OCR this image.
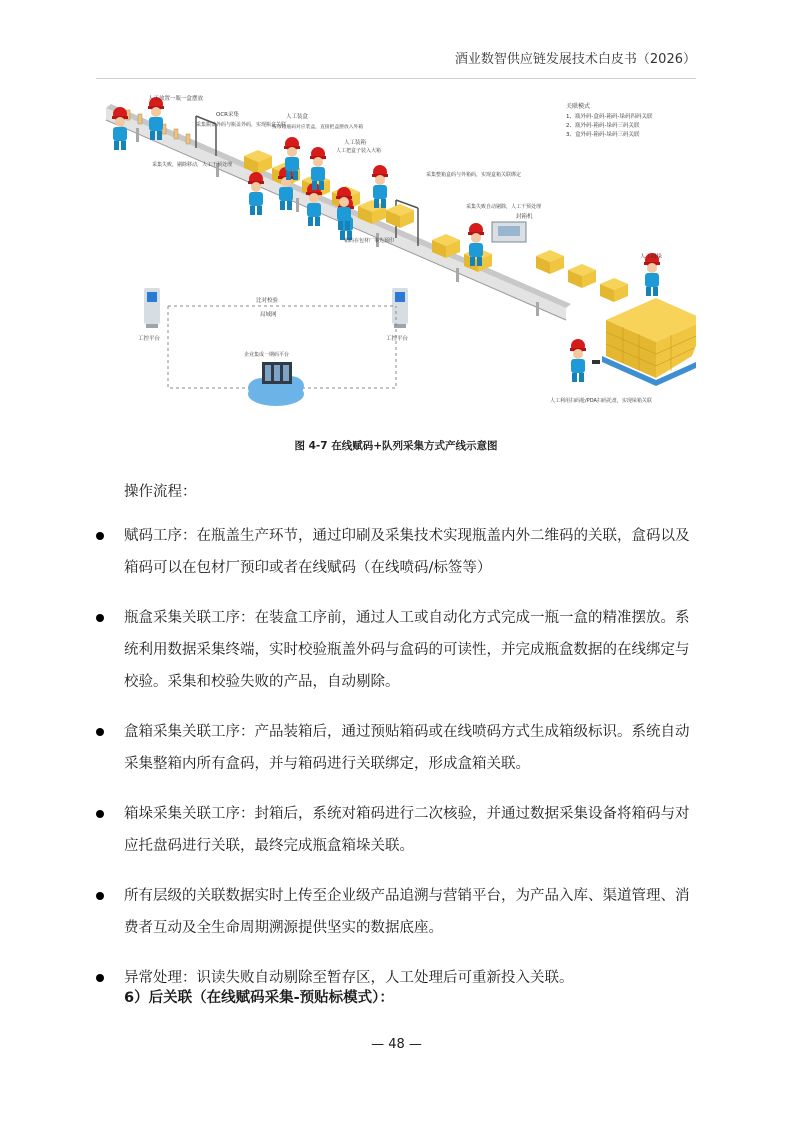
酒业数智供应链发展技术白皮书（2026）
人工放置一瓶一盒摆放
OCR采集
采集瓶盖外码与瓶盖外码，实现瓶盒关联
人工装盒
按每箱瓶码对应装盒，直接把盒摆放入外箱
采集失败，剔除移动，人工干预处理
人工装箱
人工把盒子装入大箱
采集整箱盒码与外箱码，实现盒箱关联绑定
箱码在包材厂事先预印
采集失败自动剔除，人工干预处理
封箱机
人工码垛
人工利用扫码枪/PDA扫码托盘，实现垛箱关联
工控平台	工控平台
比对校验
局域网
企业集成一期码平台
关联模式
1、瓶外码-盒码-箱码-垛码四码关联
2、瓶外码-箱码-垛码三码关联
3、盒外码-箱码-垛码三码关联
图 4-7 在线赋码+队列采集方式产线示意图
操作流程：
赋码工序：在瓶盖生产环节，通过印刷及采集技术实现瓶盖内外二维码的关联，盒码以及箱码可以在包材厂预印或者在线赋码（在线喷码/标签等）
瓶盒采集关联工序：在装盒工序前，通过人工或自动化方式完成一瓶一盒的精准摆放。系统利用数据采集终端，实时校验瓶盖外码与盒码的可读性，并完成瓶盒数据的在线绑定与校验。采集和校验失败的产品，自动剔除。
盒箱采集关联工序：产品装箱后，通过预贴箱码或在线喷码方式生成箱级标识。系统自动采集整箱内所有盒码，并与箱码进行关联绑定，形成盒箱关联。
箱垛采集关联工序：封箱后，系统对箱码进行二次核验，并通过数据采集设备将箱码与对应托盘码进行关联，最终完成瓶盒箱垛关联。
所有层级的关联数据实时上传至企业级产品追溯与营销平台，为产品入库、渠道管理、消费者互动及全生命周期溯源提供坚实的数据底座。
异常处理：识读失败自动剔除至暂存区，人工处理后可重新投入关联。
6）后关联（在线赋码采集-预贴标模式）：
— 48 —
